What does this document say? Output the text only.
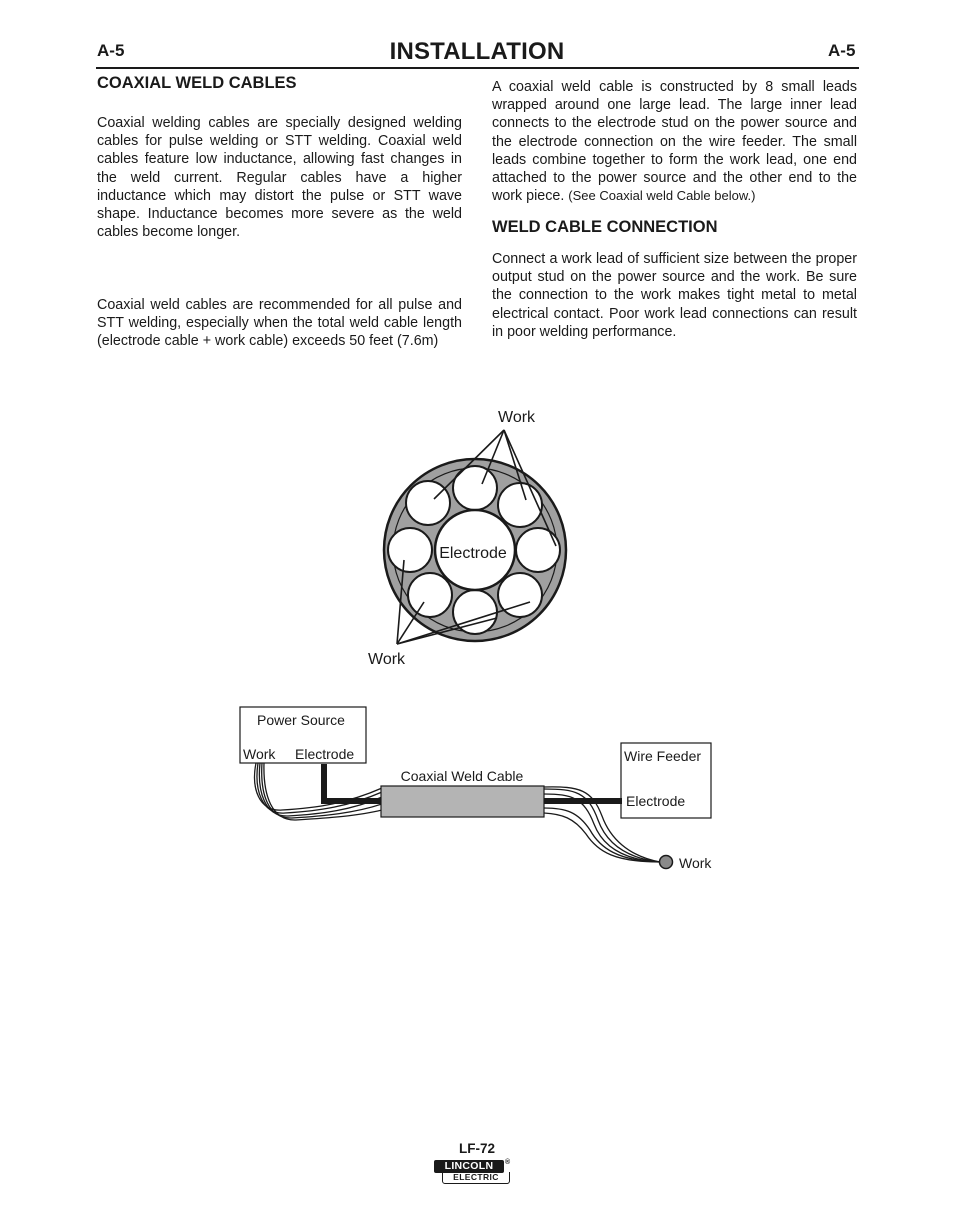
A-5	INSTALLATION	A-5
COAXIAL WELD CABLES

Coaxial welding cables are specially designed welding cables for pulse welding or STT welding. Coaxial weld cables feature low inductance, allowing fast changes in the weld current. Regular cables have a higher inductance which may distort the pulse or STT wave shape. Inductance becomes more severe as the weld cables become longer.

Coaxial weld cables are recommended for all pulse and STT welding, especially when the total weld cable length (electrode cable + work cable) exceeds 50 feet (7.6m)

A coaxial weld cable is constructed by 8 small leads wrapped around one large lead. The large inner lead connects to the electrode stud on the power source and the electrode connection on the wire feeder. The small leads combine together to form the work lead, one end attached to the power source and the other end to the work piece. (See Coaxial weld Cable below.)

WELD CABLE CONNECTION

Connect a work lead of sufficient size between the proper output stud on the power source and the work. Be sure the connection to the work makes tight metal to metal electrical contact. Poor work lead connections can result in poor welding performance.

Work
Electrode
Work
Power Source
Work Electrode	Wire Feeder
Electrode
Coaxial Weld Cable
Work
LF-72
LINCOLN	®
ELECTRIC
